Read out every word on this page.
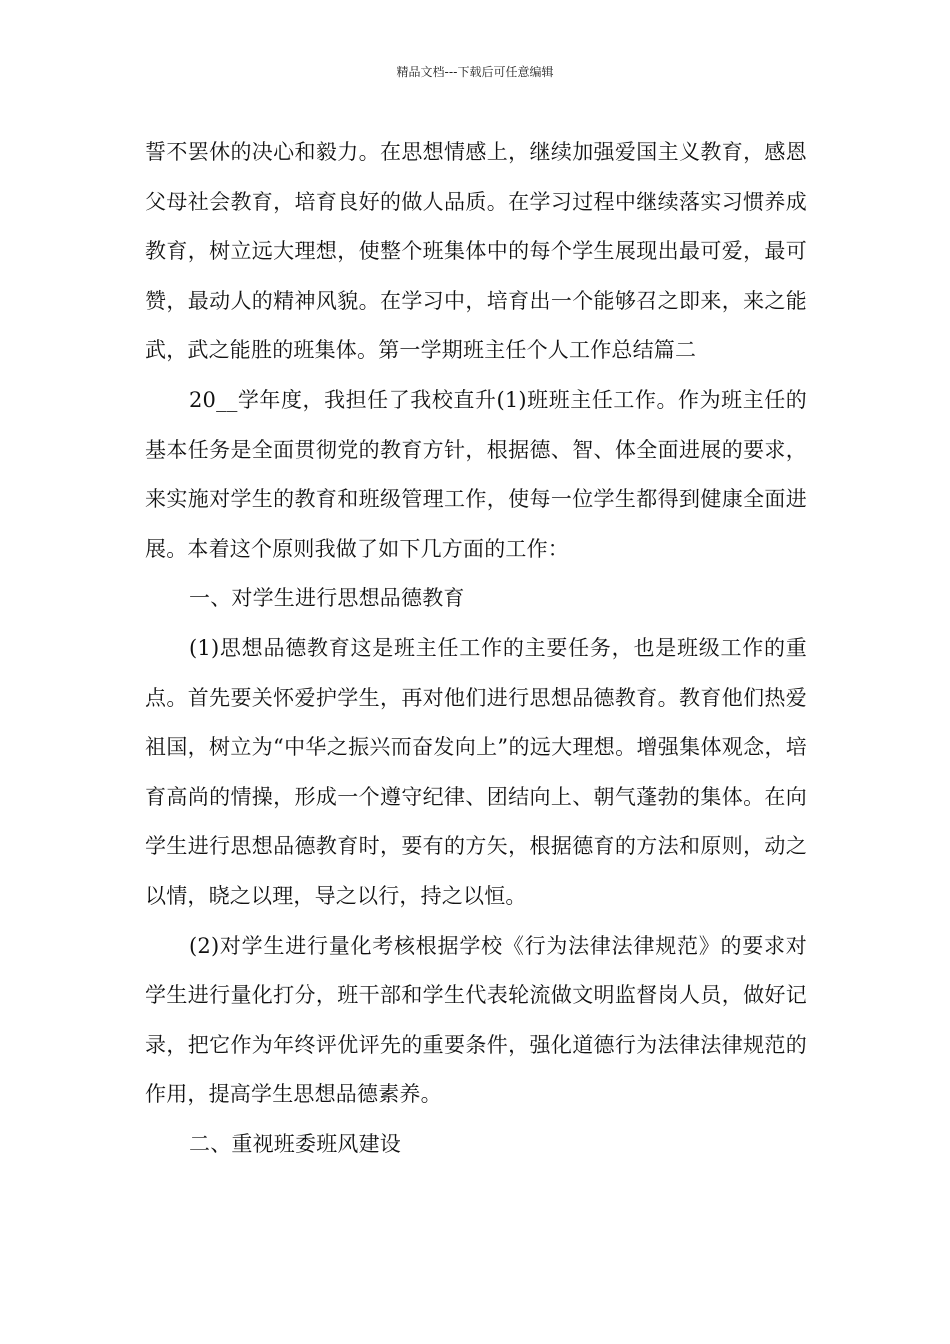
精品文档---下载后可任意编辑

誓不罢休的决心和毅力。在思想情感上，继续加强爱国主义教育，感恩父母社会教育，培育良好的做人品质。在学习过程中继续落实习惯养成教育，树立远大理想，使整个班集体中的每个学生展现出最可爱，最可赞，最动人的精神风貌。在学习中，培育出一个能够召之即来，来之能武，武之能胜的班集体。第一学期班主任个人工作总结篇二

20__学年度，我担任了我校直升(1)班班主任工作。作为班主任的基本任务是全面贯彻党的教育方针，根据德、智、体全面进展的要求，来实施对学生的教育和班级管理工作，使每一位学生都得到健康全面进展。本着这个原则我做了如下几方面的工作：

一、对学生进行思想品德教育

(1)思想品德教育这是班主任工作的主要任务，也是班级工作的重点。首先要关怀爱护学生，再对他们进行思想品德教育。教育他们热爱祖国，树立为“中华之振兴而奋发向上”的远大理想。增强集体观念，培育高尚的情操，形成一个遵守纪律、团结向上、朝气蓬勃的集体。在向学生进行思想品德教育时，要有的方矢，根据德育的方法和原则，动之以情，晓之以理，导之以行，持之以恒。

(2)对学生进行量化考核根据学校《行为法律法律规范》的要求对学生进行量化打分，班干部和学生代表轮流做文明监督岗人员，做好记录，把它作为年终评优评先的重要条件，强化道德行为法律法律规范的作用，提高学生思想品德素养。

二、重视班委班风建设
